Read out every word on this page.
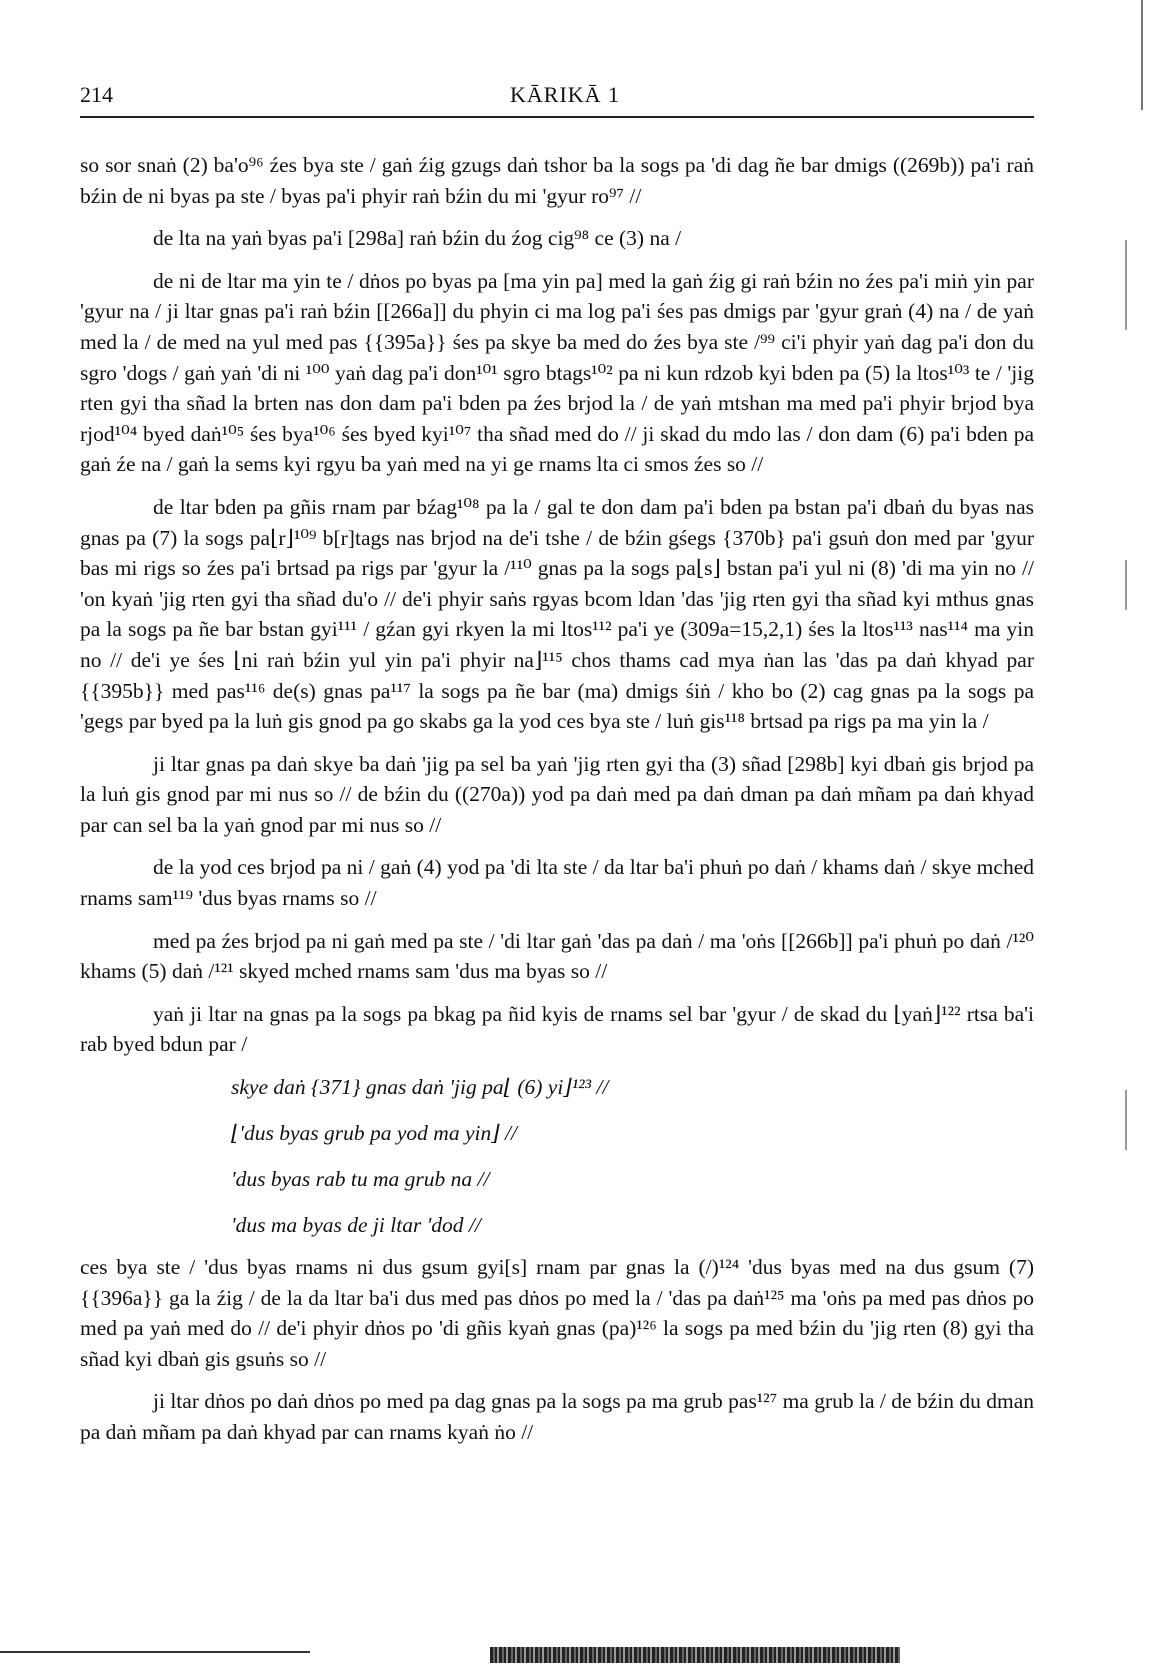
214	KĀRIKĀ 1

so sor snaṅ (2) ba'o⁹⁶ źes bya ste / gaṅ źig gzugs daṅ tshor ba la sogs pa 'di dag ñe bar dmigs ((269b)) pa'i raṅ bźin de ni byas pa ste / byas pa'i phyir raṅ bźin du mi 'gyur ro⁹⁷ //

de lta na yaṅ byas pa'i [298a] raṅ bźin du źog cig⁹⁸ ce (3) na /

de ni de ltar ma yin te / dṅos po byas pa [ma yin pa] med la gaṅ źig gi raṅ bźin no źes pa'i miṅ yin par 'gyur na / ji ltar gnas pa'i raṅ bźin [[266a]] du phyin ci ma log pa'i śes pas dmigs par 'gyur graṅ (4) na / de yaṅ med la / de med na yul med pas {{395a}} śes pa skye ba med do źes bya ste /⁹⁹ ci'i phyir yaṅ dag pa'i don du sgro 'dogs / gaṅ yaṅ 'di ni ¹⁰⁰ yaṅ dag pa'i don¹⁰¹ sgro btags¹⁰² pa ni kun rdzob kyi bden pa (5) la ltos¹⁰³ te / 'jig rten gyi tha sñad la brten nas don dam pa'i bden pa źes brjod la / de yaṅ mtshan ma med pa'i phyir brjod bya rjod¹⁰⁴ byed daṅ¹⁰⁵ śes bya¹⁰⁶ śes byed kyi¹⁰⁷ tha sñad med do // ji skad du mdo las / don dam (6) pa'i bden pa gaṅ źe na / gaṅ la sems kyi rgyu ba yaṅ med na yi ge rnams lta ci smos źes so //

de ltar bden pa gñis rnam par bźag¹⁰⁸ pa la / gal te don dam pa'i bden pa bstan pa'i dbaṅ du byas nas gnas pa (7) la sogs pa⌊r⌋¹⁰⁹ b[r]tags nas brjod na de'i tshe / de bźin gśegs {370b} pa'i gsuṅ don med par 'gyur bas mi rigs so źes pa'i brtsad pa rigs par 'gyur la /¹¹⁰ gnas pa la sogs pa⌊s⌋ bstan pa'i yul ni (8) 'di ma yin no // 'on kyaṅ 'jig rten gyi tha sñad du'o // de'i phyir saṅs rgyas bcom ldan 'das 'jig rten gyi tha sñad kyi mthus gnas pa la sogs pa ñe bar bstan gyi¹¹¹ / gźan gyi rkyen la mi ltos¹¹² pa'i ye (309a=15,2,1) śes la ltos¹¹³ nas¹¹⁴ ma yin no // de'i ye śes ⌊ni raṅ bźin yul yin pa'i phyir na⌋¹¹⁵ chos thams cad mya ṅan las 'das pa daṅ khyad par {{395b}} med pas¹¹⁶ de(s) gnas pa¹¹⁷ la sogs pa ñe bar (ma) dmigs śiṅ / kho bo (2) cag gnas pa la sogs pa 'gegs par byed pa la luṅ gis gnod pa go skabs ga la yod ces bya ste / luṅ gis¹¹⁸ brtsad pa rigs pa ma yin la /

ji ltar gnas pa daṅ skye ba daṅ 'jig pa sel ba yaṅ 'jig rten gyi tha (3) sñad [298b] kyi dbaṅ gis brjod pa la luṅ gis gnod par mi nus so // de bźin du ((270a)) yod pa daṅ med pa daṅ dman pa daṅ mñam pa daṅ khyad par can sel ba la yaṅ gnod par mi nus so //

de la yod ces brjod pa ni / gaṅ (4) yod pa 'di lta ste / da ltar ba'i phuṅ po daṅ / khams daṅ / skye mched rnams sam¹¹⁹ 'dus byas rnams so //

med pa źes brjod pa ni gaṅ med pa ste / 'di ltar gaṅ 'das pa daṅ / ma 'oṅs [[266b]] pa'i phuṅ po daṅ /¹²⁰ khams (5) daṅ /¹²¹ skyed mched rnams sam 'dus ma byas so //

yaṅ ji ltar na gnas pa la sogs pa bkag pa ñid kyis de rnams sel bar 'gyur / de skad du ⌊yaṅ⌋¹²² rtsa ba'i rab byed bdun par /

skye daṅ {371} gnas daṅ 'jig pa⌊ (6) yi⌋¹²³ //

⌊'dus byas grub pa yod ma yin⌋ //

'dus byas rab tu ma grub na //

'dus ma byas de ji ltar 'dod //

ces bya ste / 'dus byas rnams ni dus gsum gyi[s] rnam par gnas la (/)¹²⁴ 'dus byas med na dus gsum (7) {{396a}} ga la źig / de la da ltar ba'i dus med pas dṅos po med la / 'das pa daṅ¹²⁵ ma 'oṅs pa med pas dṅos po med pa yaṅ med do // de'i phyir dṅos po 'di gñis kyaṅ gnas (pa)¹²⁶ la sogs pa med bźin du 'jig rten (8) gyi tha sñad kyi dbaṅ gis gsuṅs so //

ji ltar dṅos po daṅ dṅos po med pa dag gnas pa la sogs pa ma grub pas¹²⁷ ma grub la / de bźin du dman pa daṅ mñam pa daṅ khyad par can rnams kyaṅ ṅo //
